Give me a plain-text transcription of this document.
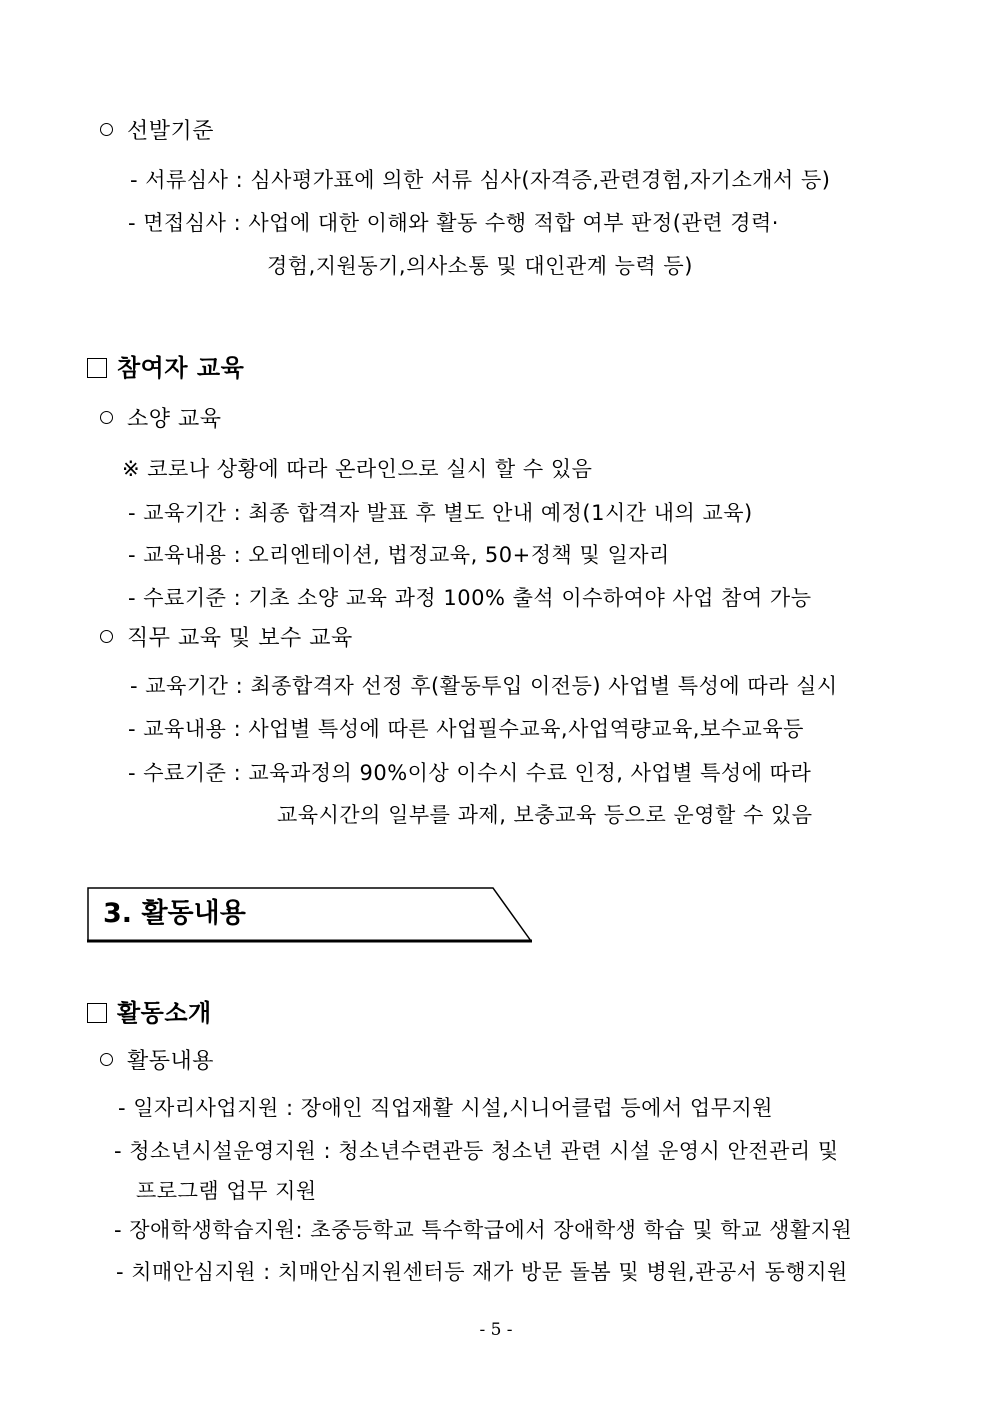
선발기준
- 서류심사 : 심사평가표에 의한 서류 심사(자격증,관련경험,자기소개서 등)
- 면접심사 : 사업에 대한 이해와 활동 수행 적합 여부 판정(관련 경력·
경험,지원동기,의사소통 및 대인관계 능력 등)
참여자 교육
소양 교육
※ 코로나 상황에 따라 온라인으로 실시 할 수 있음
- 교육기간 : 최종 합격자 발표 후 별도 안내 예정(1시간 내의 교육)
- 교육내용 : 오리엔테이션, 법정교육, 50+정책 및 일자리
- 수료기준 : 기초 소양 교육 과정 100% 출석 이수하여야 사업 참여 가능
직무 교육 및 보수 교육
- 교육기간 : 최종합격자 선정 후(활동투입 이전등) 사업별 특성에 따라 실시
- 교육내용 : 사업별 특성에 따른 사업필수교육,사업역량교육,보수교육등
- 수료기준 : 교육과정의 90%이상 이수시 수료 인정, 사업별 특성에 따라
교육시간의 일부를 과제, 보충교육 등으로 운영할 수 있음
3. 활동내용
활동소개
활동내용
- 일자리사업지원 : 장애인 직업재활 시설,시니어클럽 등에서 업무지원
- 청소년시설운영지원 : 청소년수련관등 청소년 관련 시설 운영시 안전관리 및
프로그램 업무 지원
- 장애학생학습지원: 초중등학교 특수학급에서 장애학생 학습 및 학교 생활지원
- 치매안심지원 : 치매안심지원센터등 재가 방문 돌봄 및 병원,관공서 동행지원
- 5 -
